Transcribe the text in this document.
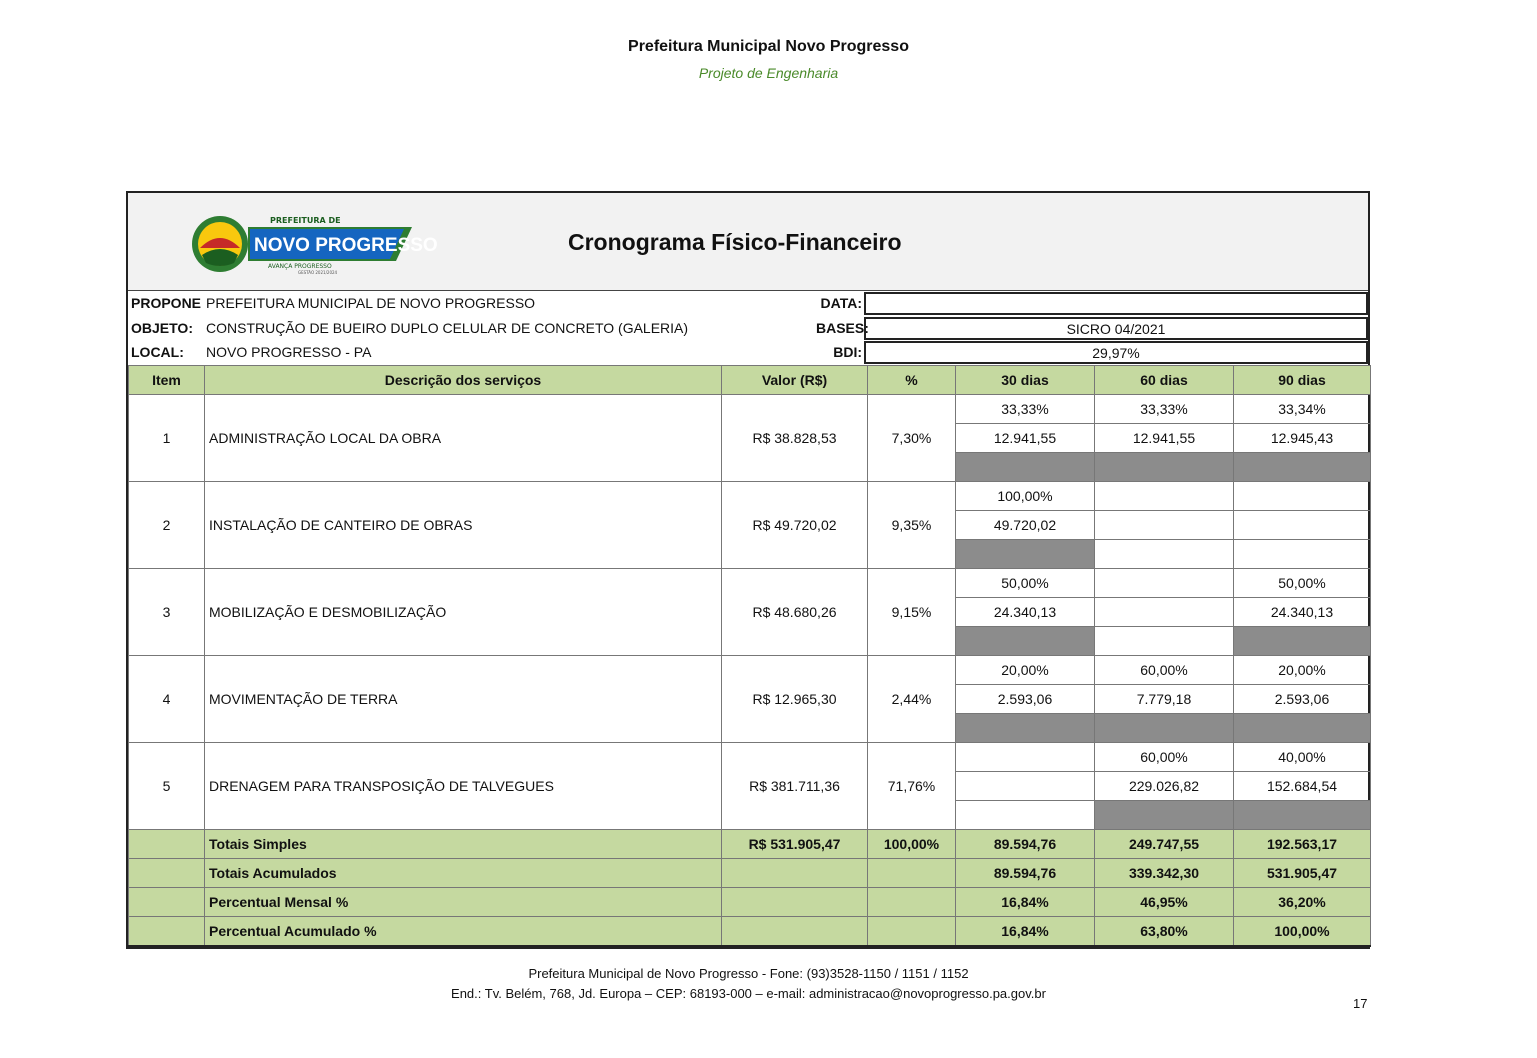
Prefeitura Municipal Novo Progresso
Projeto de Engenharia
PREFEITURA DE
NOVO PROGRESSO
AVANÇA PROGRESSO
GESTÃO 2021/2024
Cronograma Físico-Financeiro
PROPONE PREFEITURA MUNICIPAL DE NOVO PROGRESSO
OBJETO: CONSTRUÇÃO DE BUEIRO DUPLO CELULAR DE CONCRETO (GALERIA)
LOCAL: NOVO PROGRESSO - PA
DATA:
BASES:	SICRO 04/2021
BDI:	29,97%
Item	Descrição dos serviços	Valor (R$)	%	30 dias	60 dias	90 dias
1	ADMINISTRAÇÃO LOCAL DA OBRA	R$ 38.828,53	7,30%	33,33%	33,33%	33,34%
				12.941,55	12.941,55	12.945,43

2	INSTALAÇÃO DE CANTEIRO DE OBRAS	R$ 49.720,02	9,35%	100,00%		
				49.720,02		

3	MOBILIZAÇÃO E DESMOBILIZAÇÃO	R$ 48.680,26	9,15%	50,00%		50,00%
				24.340,13		24.340,13

4	MOVIMENTAÇÃO DE TERRA	R$ 12.965,30	2,44%	20,00%	60,00%	20,00%
				2.593,06	7.779,18	2.593,06

5	DRENAGEM PARA TRANSPOSIÇÃO DE TALVEGUES	R$ 381.711,36	71,76%		60,00%	40,00%
					229.026,82	152.684,54

	Totais Simples	R$ 531.905,47	100,00%	89.594,76	249.747,55	192.563,17
	Totais Acumulados			89.594,76	339.342,30	531.905,47
	Percentual Mensal %			16,84%	46,95%	36,20%
	Percentual Acumulado %			16,84%	63,80%	100,00%
Prefeitura Municipal de Novo Progresso - Fone: (93)3528-1150 / 1151 / 1152
End.: Tv. Belém, 768, Jd. Europa – CEP: 68193-000 – e-mail: administracao@novoprogresso.pa.gov.br
17
